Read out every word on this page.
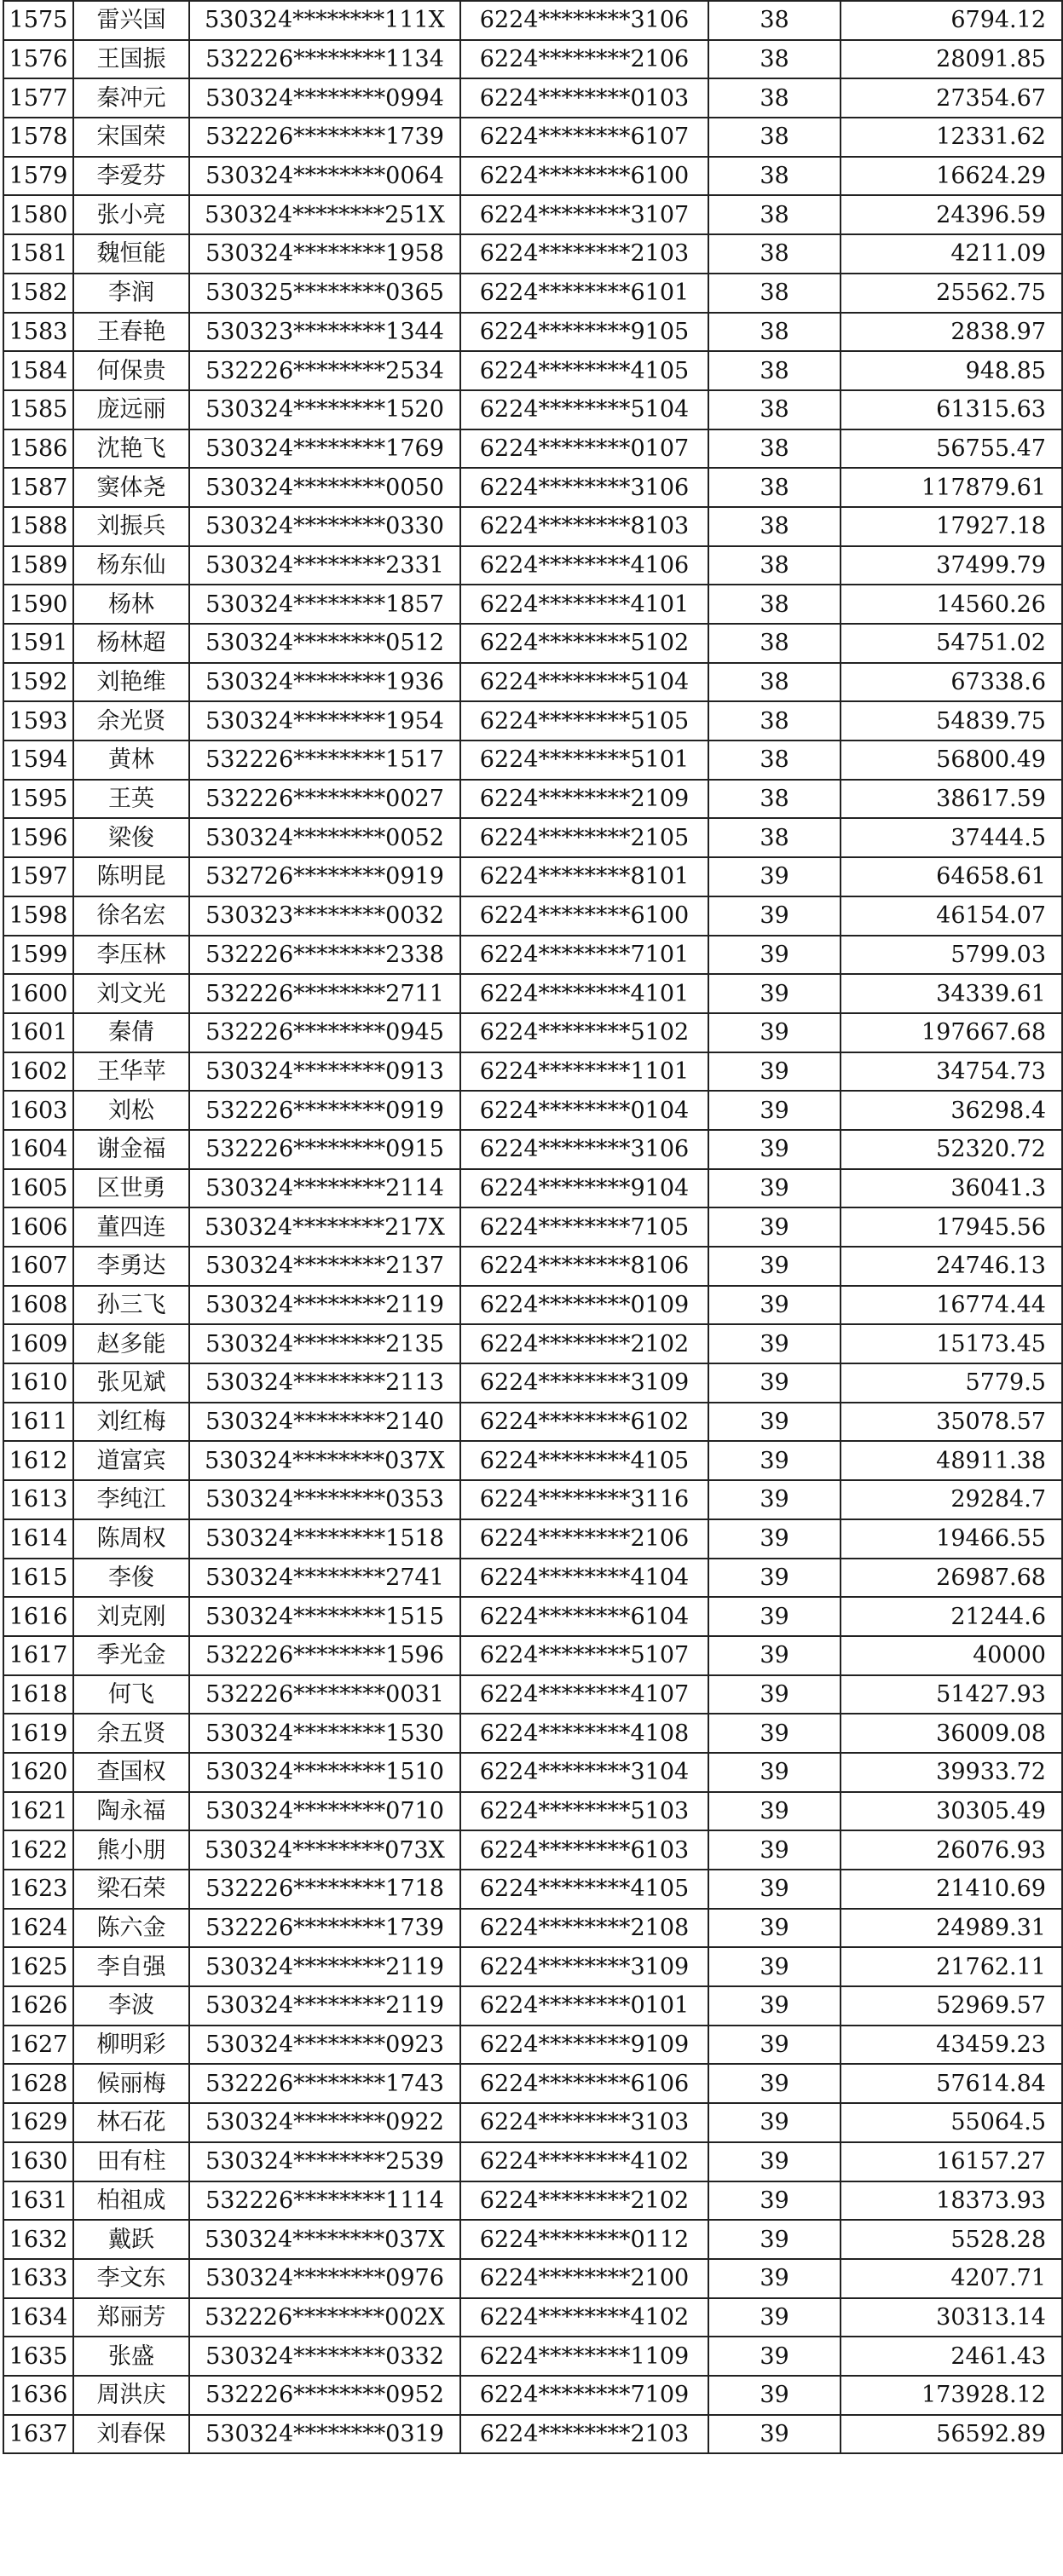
1575	雷兴国	530324********111X	6224********3106	38	6794.12
1576	王国振	532226********1134	6224********2106	38	28091.85
1577	秦冲元	530324********0994	6224********0103	38	27354.67
1578	宋国荣	532226********1739	6224********6107	38	12331.62
1579	李爱芬	530324********0064	6224********6100	38	16624.29
1580	张小亮	530324********251X	6224********3107	38	24396.59
1581	魏恒能	530324********1958	6224********2103	38	4211.09
1582	李润	530325********0365	6224********6101	38	25562.75
1583	王春艳	530323********1344	6224********9105	38	2838.97
1584	何保贵	532226********2534	6224********4105	38	948.85
1585	庞远丽	530324********1520	6224********5104	38	61315.63
1586	沈艳飞	530324********1769	6224********0107	38	56755.47
1587	窦体尧	530324********0050	6224********3106	38	117879.61
1588	刘振兵	530324********0330	6224********8103	38	17927.18
1589	杨东仙	530324********2331	6224********4106	38	37499.79
1590	杨林	530324********1857	6224********4101	38	14560.26
1591	杨林超	530324********0512	6224********5102	38	54751.02
1592	刘艳维	530324********1936	6224********5104	38	67338.6
1593	余光贤	530324********1954	6224********5105	38	54839.75
1594	黄林	532226********1517	6224********5101	38	56800.49
1595	王英	532226********0027	6224********2109	38	38617.59
1596	梁俊	530324********0052	6224********2105	38	37444.5
1597	陈明昆	532726********0919	6224********8101	39	64658.61
1598	徐名宏	530323********0032	6224********6100	39	46154.07
1599	李压林	532226********2338	6224********7101	39	5799.03
1600	刘文光	532226********2711	6224********4101	39	34339.61
1601	秦倩	532226********0945	6224********5102	39	197667.68
1602	王华苹	530324********0913	6224********1101	39	34754.73
1603	刘松	532226********0919	6224********0104	39	36298.4
1604	谢金福	532226********0915	6224********3106	39	52320.72
1605	区世勇	530324********2114	6224********9104	39	36041.3
1606	董四连	530324********217X	6224********7105	39	17945.56
1607	李勇达	530324********2137	6224********8106	39	24746.13
1608	孙三飞	530324********2119	6224********0109	39	16774.44
1609	赵多能	530324********2135	6224********2102	39	15173.45
1610	张见斌	530324********2113	6224********3109	39	5779.5
1611	刘红梅	530324********2140	6224********6102	39	35078.57
1612	道富宾	530324********037X	6224********4105	39	48911.38
1613	李纯江	530324********0353	6224********3116	39	29284.7
1614	陈周权	530324********1518	6224********2106	39	19466.55
1615	李俊	530324********2741	6224********4104	39	26987.68
1616	刘克刚	530324********1515	6224********6104	39	21244.6
1617	季光金	532226********1596	6224********5107	39	40000
1618	何飞	532226********0031	6224********4107	39	51427.93
1619	余五贤	530324********1530	6224********4108	39	36009.08
1620	查国权	530324********1510	6224********3104	39	39933.72
1621	陶永福	530324********0710	6224********5103	39	30305.49
1622	熊小朋	530324********073X	6224********6103	39	26076.93
1623	梁石荣	532226********1718	6224********4105	39	21410.69
1624	陈六金	532226********1739	6224********2108	39	24989.31
1625	李自强	530324********2119	6224********3109	39	21762.11
1626	李波	530324********2119	6224********0101	39	52969.57
1627	柳明彩	530324********0923	6224********9109	39	43459.23
1628	候丽梅	532226********1743	6224********6106	39	57614.84
1629	林石花	530324********0922	6224********3103	39	55064.5
1630	田有柱	530324********2539	6224********4102	39	16157.27
1631	柏祖成	532226********1114	6224********2102	39	18373.93
1632	戴跃	530324********037X	6224********0112	39	5528.28
1633	李文东	530324********0976	6224********2100	39	4207.71
1634	郑丽芳	532226********002X	6224********4102	39	30313.14
1635	张盛	530324********0332	6224********1109	39	2461.43
1636	周洪庆	532226********0952	6224********7109	39	173928.12
1637	刘春保	530324********0319	6224********2103	39	56592.89
